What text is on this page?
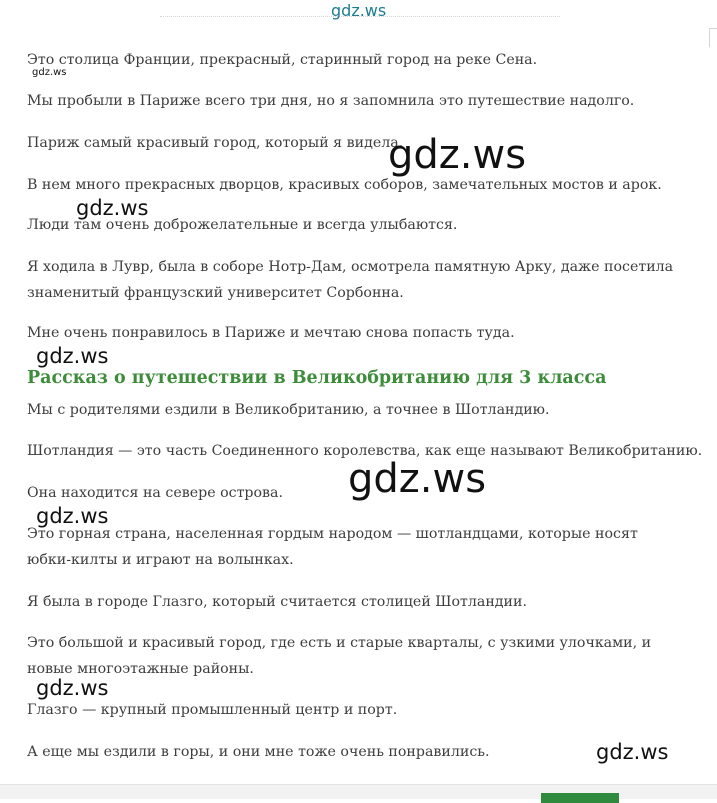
Это столица Франции, прекрасный, старинный город на реке Сена.
Мы пробыли в Париже всего три дня, но я запомнила это путешествие надолго.
Париж самый красивый город, который я видела.
В нем много прекрасных дворцов, красивых соборов, замечательных мостов и арок.
Люди там очень доброжелательные и всегда улыбаются.
Я ходила в Лувр, была в соборе Нотр-Дам, осмотрела памятную Арку, даже посетила знаменитый французский университет Сорбонна.
Мне очень понравилось в Париже и мечтаю снова попасть туда.
Рассказ о путешествии в Великобританию для 3 класса
Мы с родителями ездили в Великобританию, а точнее в Шотландию.
Шотландия — это часть Соединенного королевства, как еще называют Великобританию.
Она находится на севере острова.
Это горная страна, населенная гордым народом — шотландцами, которые носят юбки-килты и играют на волынках.
Я была в городе Глазго, который считается столицей Шотландии.
Это большой и красивый город, где есть и старые кварталы, с узкими улочками, и новые многоэтажные районы.
Глазго — крупный промышленный центр и порт.
А еще мы ездили в горы, и они мне тоже очень понравились.
gdz.ws
gdz.ws
gdz.ws
gdz.ws
gdz.ws
gdz.ws
gdz.ws
gdz.ws
gdz.ws
